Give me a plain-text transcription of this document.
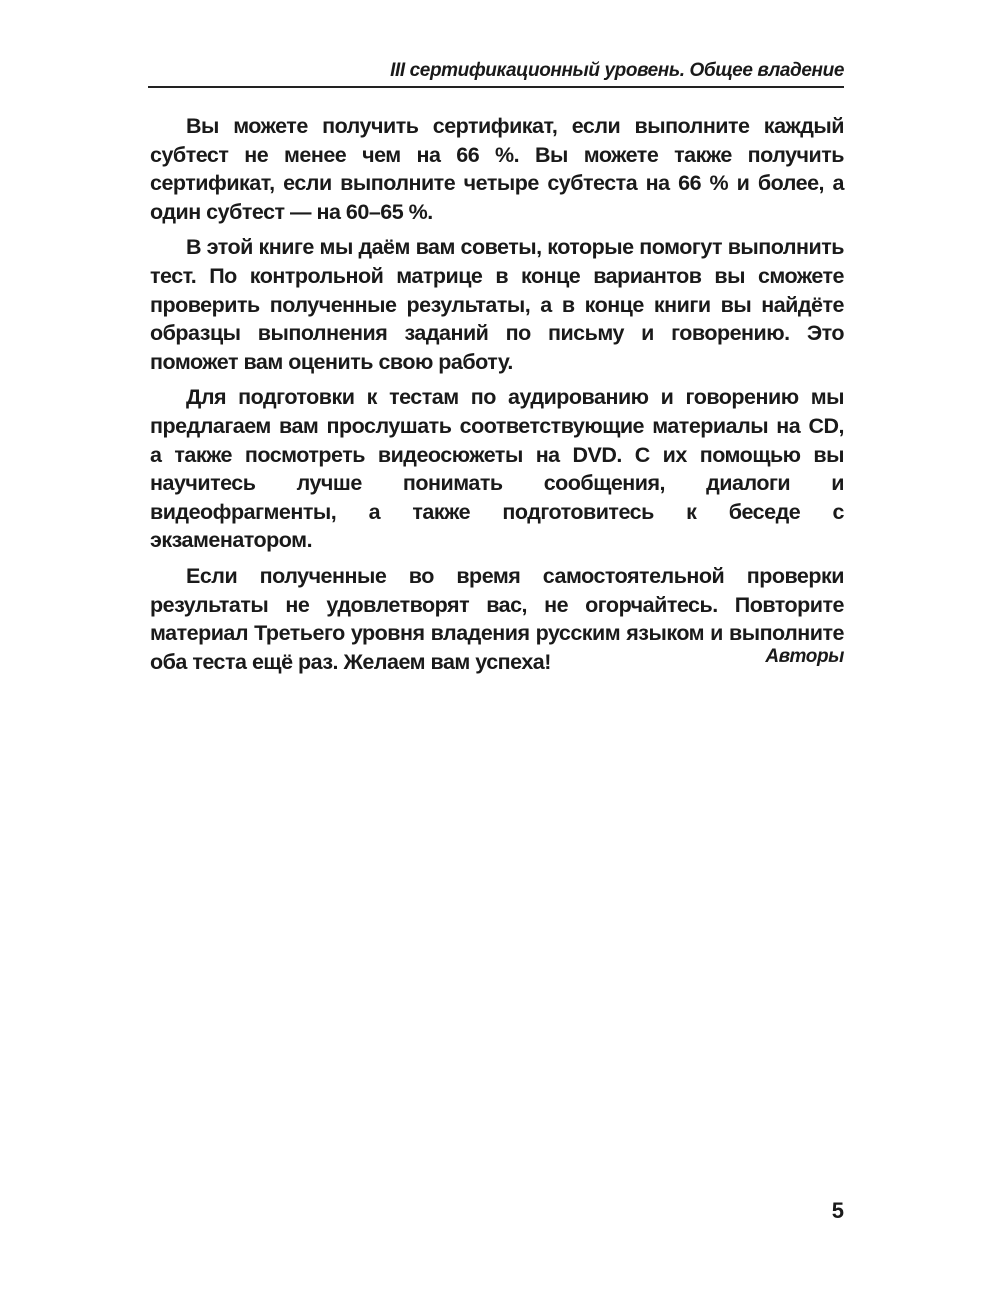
III сертификационный уровень. Общее владение

Вы можете получить сертификат, если выполните каждый субтест не менее чем на 66 %. Вы можете также получить сертификат, если выполните четыре субтеста на 66 % и более, а один субтест — на 60–65 %.

В этой книге мы даём вам советы, которые помогут выполнить тест. По контрольной матрице в конце вариантов вы сможете проверить полученные результаты, а в конце книги вы найдёте образцы выполнения заданий по письму и говорению. Это поможет вам оценить свою работу.

Для подготовки к тестам по аудированию и говорению мы предлагаем вам прослушать соответствующие материалы на CD, а также посмотреть видеосюжеты на DVD. С их помощью вы научитесь лучше понимать сообщения, диалоги и видеофрагменты, а также подготовитесь к беседе с экзаменатором.

Если полученные во время самостоятельной проверки результаты не удовлетворят вас, не огорчайтесь. Повторите материал Третьего уровня владения русским языком и выполните оба теста ещё раз. Желаем вам успеха!	Авторы
5
